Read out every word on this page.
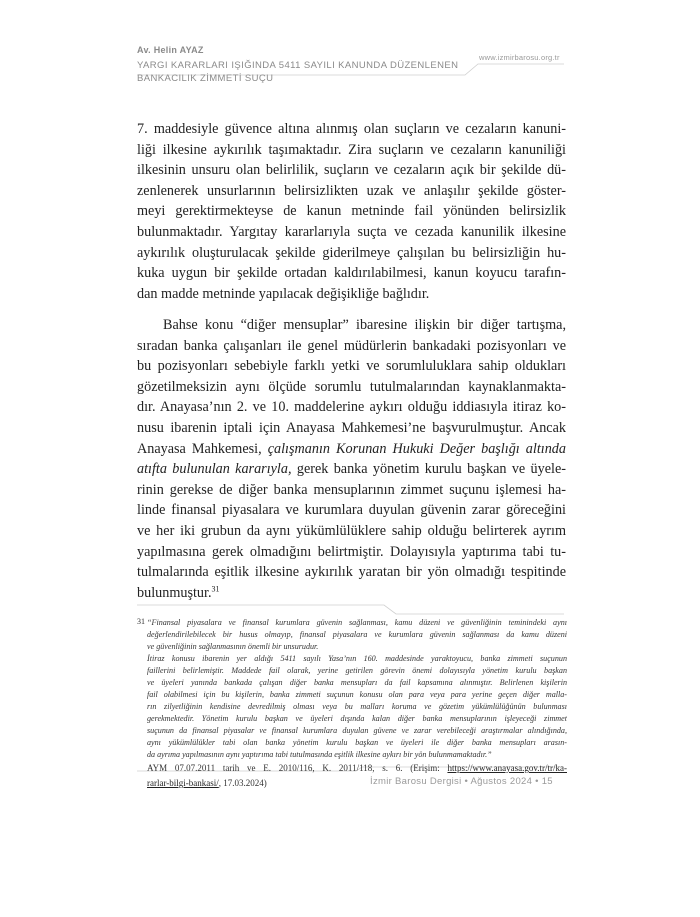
Av. Helin AYAZ
YARGI KARARLARI IŞIĞINDA 5411 SAYILI KANUNDA DÜZENLENEN
BANKACILIK ZİMMETİ SUÇU
www.izmirbarosu.org.tr
7. maddesiyle güvence altına alınmış olan suçların ve cezaların kanuni-
liği ilkesine aykırılık taşımaktadır. Zira suçların ve cezaların kanuniliği
ilkesinin unsuru olan belirlilik, suçların ve cezaların açık bir şekilde dü-
zenlenerek unsurlarının belirsizlikten uzak ve anlaşılır şekilde göster-
meyi gerektirmekteyse de kanun metninde fail yönünden belirsizlik
bulunmaktadır. Yargıtay kararlarıyla suçta ve cezada kanunilik ilkesine
aykırılık oluşturulacak şekilde giderilmeye çalışılan bu belirsizliğin hu-
kuka uygun bir şekilde ortadan kaldırılabilmesi, kanun koyucu tarafın-
dan madde metninde yapılacak değişikliğe bağlıdır.
Bahse konu “diğer mensuplar” ibaresine ilişkin bir diğer tartışma,
sıradan banka çalışanları ile genel müdürlerin bankadaki pozisyonları ve
bu pozisyonları sebebiyle farklı yetki ve sorumluluklara sahip oldukları
gözetilmeksizin aynı ölçüde sorumlu tutulmalarından kaynaklanmakta-
dır. Anayasa’nın 2. ve 10. maddelerine aykırı olduğu iddiasıyla itiraz ko-
nusu ibarenin iptali için Anayasa Mahkemesi’ne başvurulmuştur. Ancak
Anayasa Mahkemesi, çalışmanın Korunan Hukuki Değer başlığı altında
atıfta bulunulan kararıyla, gerek banka yönetim kurulu başkan ve üyele-
rinin gerekse de diğer banka mensuplarının zimmet suçunu işlemesi ha-
linde finansal piyasalara ve kurumlara duyulan güvenin zarar göreceğini
ve her iki grubun da aynı yükümlülüklere sahip olduğu belirterek ayrım
yapılmasına gerek olmadığını belirtmiştir. Dolayısıyla yaptırıma tabi tu-
tulmalarında eşitlik ilkesine aykırılık yaratan bir yön olmadığı tespitinde
bulunmuştur.$^{31}$
31 “Finansal piyasalara ve finansal kurumlara güvenin sağlanması, kamu düzeni ve güvenliğinin teminindeki aynı
değerlendirilebilecek bir husus olmayıp, finansal piyasalara ve kurumlara güvenin sağlanması da kamu düzeni
ve güvenliğinin sağlanmasının önemli bir unsurudur.
İtiraz konusu ibarenin yer aldığı 5411 sayılı Yasa’nın 160. maddesinde yaraktoyucu, banka zimmeti suçunun
faillerini belirlemiştir. Maddede fail olarak, yerine getirilen görevin önemi dolayısıyla yönetim kurulu başkan
ve üyeleri yanında bankada çalışan diğer banka mensupları da fail kapsamına alınmıştır. Belirlenen kişilerin
fail olabilmesi için bu kişilerin, banka zimmeti suçunun konusu olan para veya para yerine geçen diğer malla-
rın zilyetliğinin kendisine devredilmiş olması veya bu malları koruma ve gözetim yükümlülüğünün bulunması
gerekmektedir. Yönetim kurulu başkan ve üyeleri dışında kalan diğer banka mensuplarının işleyeceği zimmet
suçunun da finansal piyasalar ve finansal kurumlara duyulan güvene ve zarar verebileceği araştırmalar alındığında,
aynı yükümlülükler tabi olan banka yönetim kurulu başkan ve üyeleri ile diğer banka mensupları arasın-
da ayrıma yapılmasının aynı yaptırıma tabi tutulmasında eşitlik ilkesine aykırı bir yön bulunmamaktadır.”
AYM 07.07.2011 tarih ve E. 2010/116, K. 2011/118, s. 6. (Erişim: https://www.anayasa.gov.tr/tr/ka-
rarlar-bilgi-bankasi/, 17.03.2024)	İzmir Barosu Dergisi • Ağustos 2024 • 15
